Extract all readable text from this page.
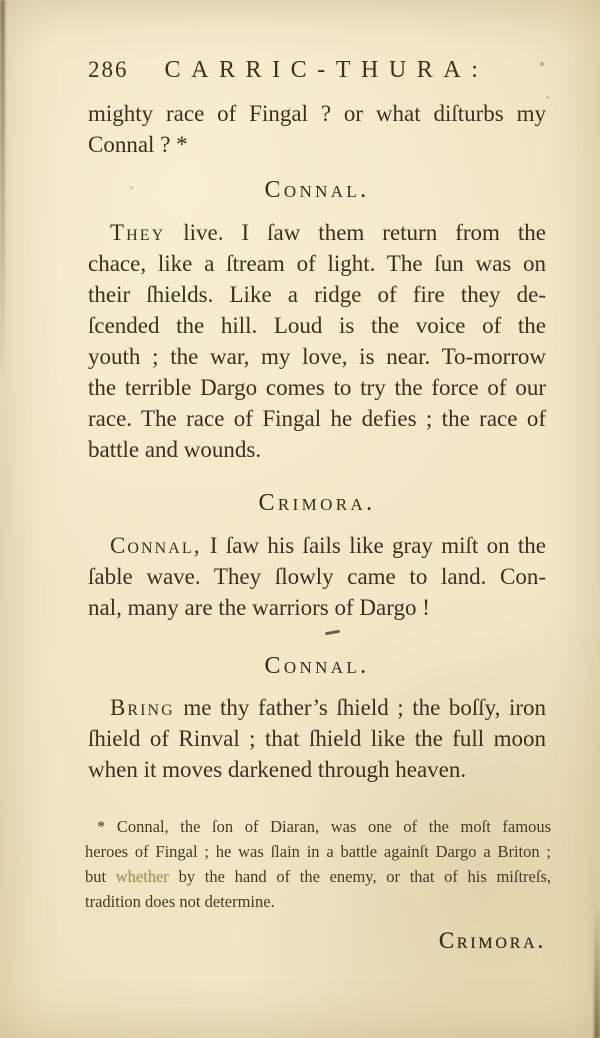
286 CARRIC-THURA:
mighty race of Fingal ? or what diſturbs my
Connal ? *
Connal.
They live. I ſaw them return from the
chace, like a ſtream of light. The ſun was on
their ſhields. Like a ridge of fire they de-
ſcended the hill. Loud is the voice of the
youth ; the war, my love, is near. To-morrow
the terrible Dargo comes to try the force of our
race. The race of Fingal he defies ; the race of
battle and wounds.
Crimora.
Connal, I ſaw his ſails like gray miſt on the
ſable wave. They ſlowly came to land. Con-
nal, many are the warriors of Dargo !
Connal.
Bring me thy father’s ſhield ; the boſſy, iron
ſhield of Rinval ; that ſhield like the full moon
when it moves darkened through heaven.
* Connal, the ſon of Diaran, was one of the moſt famous
heroes of Fingal ; he was ſlain in a battle againſt Dargo a Briton ;
but whether by the hand of the enemy, or that of his miſtreſs,
tradition does not determine.
Crimora.
